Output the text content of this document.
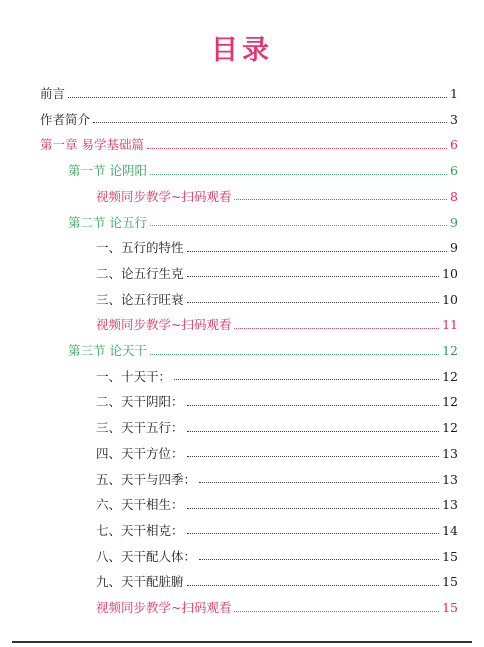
目录
前言	1
作者简介	3
第一章 易学基础篇	6
第一节 论阴阳	6
视频同步教学~扫码观看	8
第二节 论五行	9
一、五行的特性	9
二、论五行生克	10
三、论五行旺衰	10
视频同步教学~扫码观看	11
第三节 论天干	12
一、十天干：	12
二、天干阴阳：	12
三、天干五行：	12
四、天干方位：	13
五、天干与四季：	13
六、天干相生：	13
七、天干相克：	14
八、天干配人体：	15
九、天干配脏腑	15
视频同步教学~扫码观看	15
